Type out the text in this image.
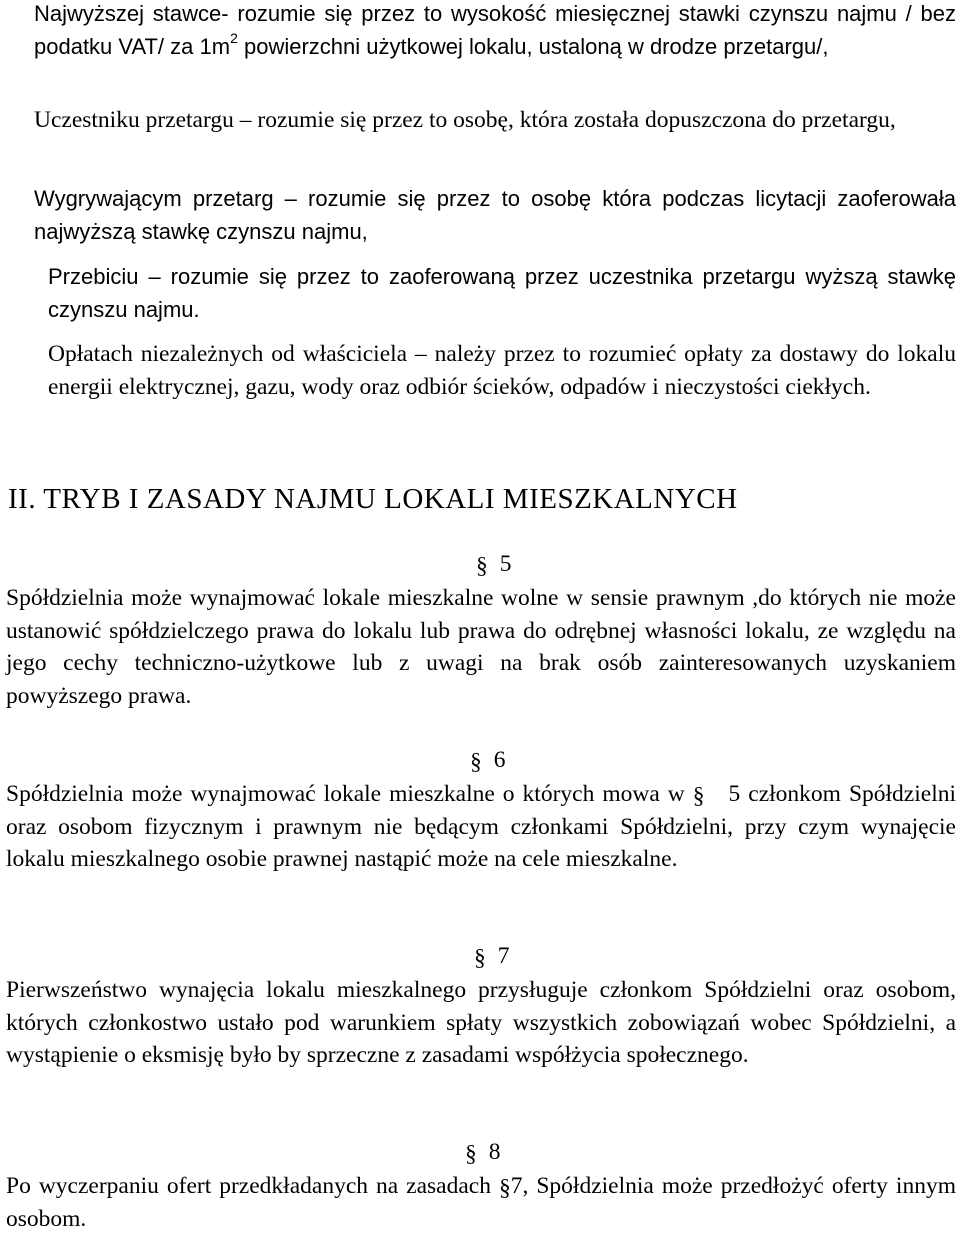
Najwyższej stawce- rozumie się przez to wysokość miesięcznej stawki czynszu najmu / bez podatku VAT/ za $1m^2$ powierzchni użytkowej lokalu, ustaloną w drodze przetargu/,
Uczestniku przetargu – rozumie się przez to osobę, która została dopuszczona do przetargu,
Wygrywającym przetarg – rozumie się przez to osobę która podczas licytacji zaoferowała najwyższą stawkę czynszu najmu,
Przebiciu – rozumie się przez to zaoferowaną przez uczestnika przetargu wyższą stawkę czynszu najmu.
Opłatach niezależnych od właściciela – należy przez to rozumieć opłaty za dostawy do lokalu energii elektrycznej, gazu, wody oraz odbiór ścieków, odpadów i nieczystości ciekłych.
II. TRYB I ZASADY NAJMU LOKALI MIESZKALNYCH
§ 5
Spółdzielnia może wynajmować lokale mieszkalne wolne w sensie prawnym ,do których nie może ustanowić spółdzielczego prawa do lokalu lub prawa do odrębnej własności lokalu, ze względu na jego cechy techniczno-użytkowe lub z uwagi na brak osób zainteresowanych uzyskaniem powyższego prawa.
§ 6
Spółdzielnia może wynajmować lokale mieszkalne o których mowa w § 5 członkom Spółdzielni oraz osobom fizycznym i prawnym nie będącym członkami Spółdzielni, przy czym wynajęcie lokalu mieszkalnego osobie prawnej nastąpić może na cele mieszkalne.
§ 7
Pierwszeństwo wynajęcia lokalu mieszkalnego przysługuje członkom Spółdzielni oraz osobom, których członkostwo ustało pod warunkiem spłaty wszystkich zobowiązań wobec Spółdzielni, a wystąpienie o eksmisję było by sprzeczne z zasadami współżycia społecznego.
§ 8
Po wyczerpaniu ofert przedkładanych na zasadach §7, Spółdzielnia może przedłożyć oferty innym osobom.
